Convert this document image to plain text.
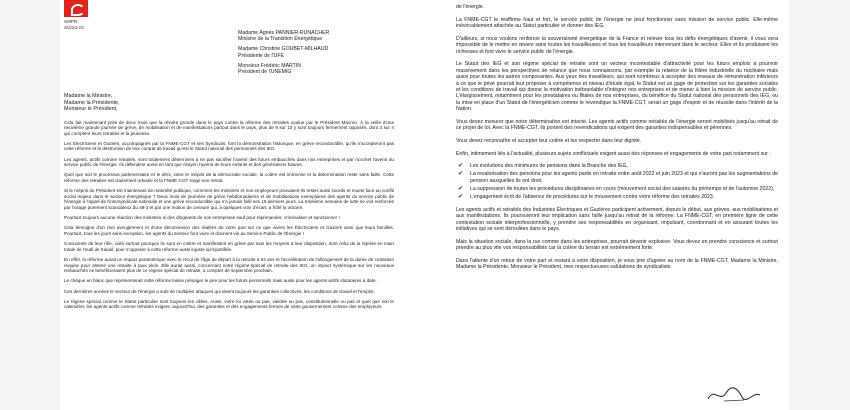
SMPR
SG/23-22
Madame Agnès PANNIER-RUNACHER
Ministre de la Transition Énergétique
Madame Christine GOUBET-MILHAUD
Présidente de l'UFE
Monsieur Frédéric MARTIN
Président de l'UNEMIG

Madame la Ministre,
Madame la Présidente,
Monsieur le Président,

Cela fait maintenant près de deux mois que la révolte gronde dans le pays contre la réforme des retraites voulue par le Président Macron. À la veille d'une neuvième grande journée de grève, de mobilisation et de manifestations partout dans le pays, plus de 9 sur 10 y sont toujours fermement opposés, dont 3 sur 4 qui comptent leurs retraités et la jeunesse.

Les Electriciens et Gaziers, accompagnés par la FNME-CGT et ses Syndicats, font la démonstration historique, en grève reconductible, qu'ils n'accepteront pas cette réforme et la destruction de leur contrat de travail qu'est le Statut national des personnels des IEG.

Les agents, actifs comme retraités, sont totalement déterminés à ne pas sacrifier l'avenir des futurs embauchés dans nos entreprises et par ricochet l'avenir du service public de l'énergie. Ils défendent aussi en tant que citoyen l'avenir de leurs enfants et des générations futures.

Quel que soit le processus parlementaire et le déni, votre le mépris de la démocratie sociale, la colère est immense et la détermination reste sans faille. Cette réforme des retraites est clairement refusée et la FNME-CGT exige son retrait.

Si le mépris du Président est maintenant de notoriété publique, comment les ministres et nos employeurs pouvaient-ils rester aussi sourds et muets face au conflit social majeur dans le secteur énergétique ? Deux mois de journées de grève hebdomadaires et de mobilisations exemplaires des agents du service public de l'énergie à l'appel de l'intersyndicale nationale et une grève reconductible qui n'a jamais failli ses 15 derniers jours. La troisième semaine de lutte se voit renforcée par l'usage purement scandaleux du 49-3 et par une motion de censure qui, à quelques voix d'écart, a frôlé la victoire.

Pourtant toujours aucune réaction des ministres ni des dirigeants de nos entreprises sauf pour réprimander, criminaliser et sanctionner !

Cela témoigne d'un réel aveuglement et d'une déconnexion des réalités de votre part sur ce que vivent les Électriciens et Gaziers ainsi que leurs familles. Pourtant, tous les jours sans exception, les agents du secteur font vivre et donnent vie au Service Public de l'Énergie !

Conscients de leur rôle, voilà surtout pourquoi ils sont en colère et manifestent en grève par tous les moyens à leur disposition, dont celui de la reprise en main totale de l'outil de travail, pour s'opposer à cette réforme aussi injuste qu'injustifiée.

En effet, la réforme aurait un impact paramétrique avec le recul de l'âge de départ à la retraite à 64 ans et l'accélération de l'allongement de la durée de cotisation requise pour obtenir une retraite à taux plein. Elle aurait aussi, concernant notre régime spécial de retraite des IEG, un impact systémique sur les nouveaux embauchés ne bénéficieraient plus de ce régime spécial de retraite, à compter de septembre prochain.

Le chèque en blanc que représenterait cette réforme laisse présager le pire pour les futurs personnels mais aussi pour les agents actifs statutaires à date.

Ces dernières années le secteur de l'énergie a subi de multiples attaques qui visent toujours les garanties collectives, les conditions de travail et l'emploi.

Le régime spécial comme le Statut particulier sont toujours les cibles. Aussi, votre loi votée ou pas, validée ou pas, constitutionnelle ou pas et quel que soit le calendrier, les agents actifs comme retraités exigent, aujourd'hui, des garanties et des engagements fermes de votre gouvernement comme des employeurs

de l'énergie.

La FNME-CGT le réaffirme haut et fort, le service public de l'énergie ne peut fonctionner sans mission de service public. Elle-même inévocablement attachée au Statut particulier et donner des IEG.

D'ailleurs, si nous voulons renforcer la souveraineté énergétique de la France et relever tous les défis énergétiques d'avenir, il vous sera impossible de le mettre en œuvre sans toutes les travailleuses et tous les travailleurs intervenant dans le secteur. Elles et ils produisent les richesses et font vivre le service public de l'énergie.

Le Statut des IEG et son régime spécial de retraite sont un vecteur incontestable d'attractivité pour les futurs emplois à pourvoir massivement dans les perspectives de relance que nous connaissons, par exemple la relance de la filière industrielle du nucléaire mais aussi pour toutes les autres composantes. Aux yeux des travailleurs, qui sont nombreux à accepter des niveaux de rémunération inférieurs à ce que le privé pourrait leur proposer à compétence et niveau d'étude égal, le Statut est un gage de protection sur les garanties sociales et les conditions de travail qui donne la motivation inébranlable d'intégrer nos entreprises et de mener à bien la mission de service public. L'élargissement, notamment pour les prestataires ou filiales de nos entreprises, du bénéfice du Statut national des personnels des IEG, ou la mise en place d'un Statut de l'énergéticien comme le revendique la FNME-CGT, serait un gage d'espoir et de réussite dans l'intérêt de la Nation.

Vous devez mesurer que notre détermination est intacte. Les agents actifs comme retraités de l'énergie seront mobilisés jusqu'au retrait de ce projet de loi. Avec la FNME-CGT, ils portent des revendications qui exigent des garanties indispensables et pérennes.

Vous devez reconnaître et accepter leur colère et les respecter dans leur dignité.

Enfin, intimement liés à l'actualité, plusieurs sujets conflictuels exigent aussi des réponses et engagements de votre part notamment sur :

✔ Les évolutions des minimums de pensions dans la Branche des IEG,
✔ La revalorisation des pensions pour les agents partis en retraite entre août 2022 et juin 2023 et qui n'auront pas les augmentations de pension auxquelles ils ont droit,
✔ La suppression de toutes les procédures disciplinaires en cours (mouvement social des salaires du printemps et de l'automne 2022),
✔ L'engagement écrit de l'absence de procédures sur le mouvement contre votre réforme des retraites 2023.

Les agents actifs et retraités des Industries Électriques et Gazières participent activement, depuis le début, aux grèves, aux mobilisations et aux manifestations. Ils poursuivront leur implication sans faille jusqu'au retrait de la réforme. La FNME-CGT, en première ligne de cette contestation sociale interprofessionnelle, y prendre ses responsabilités en organisant, impulsant, coordonnant et en assurant toutes les initiatives qui se sont déroulées dans le pays.

Mais la situation sociale, dans la rue comme dans les entreprises, pourrait devenir explosive. Vous devez en prendre conscience et surtout prendre au plus vite vos responsabilités car la colère du terrain est extrêmement forte.

Dans l'attente d'un retour de votre part et restant à votre disposition, je vous prie d'agréer au nom de la FNME-CGT, Madame la Ministre, Madame la Présidente, Monsieur le Président, mes respectueuses salutations de syndicaliste.
